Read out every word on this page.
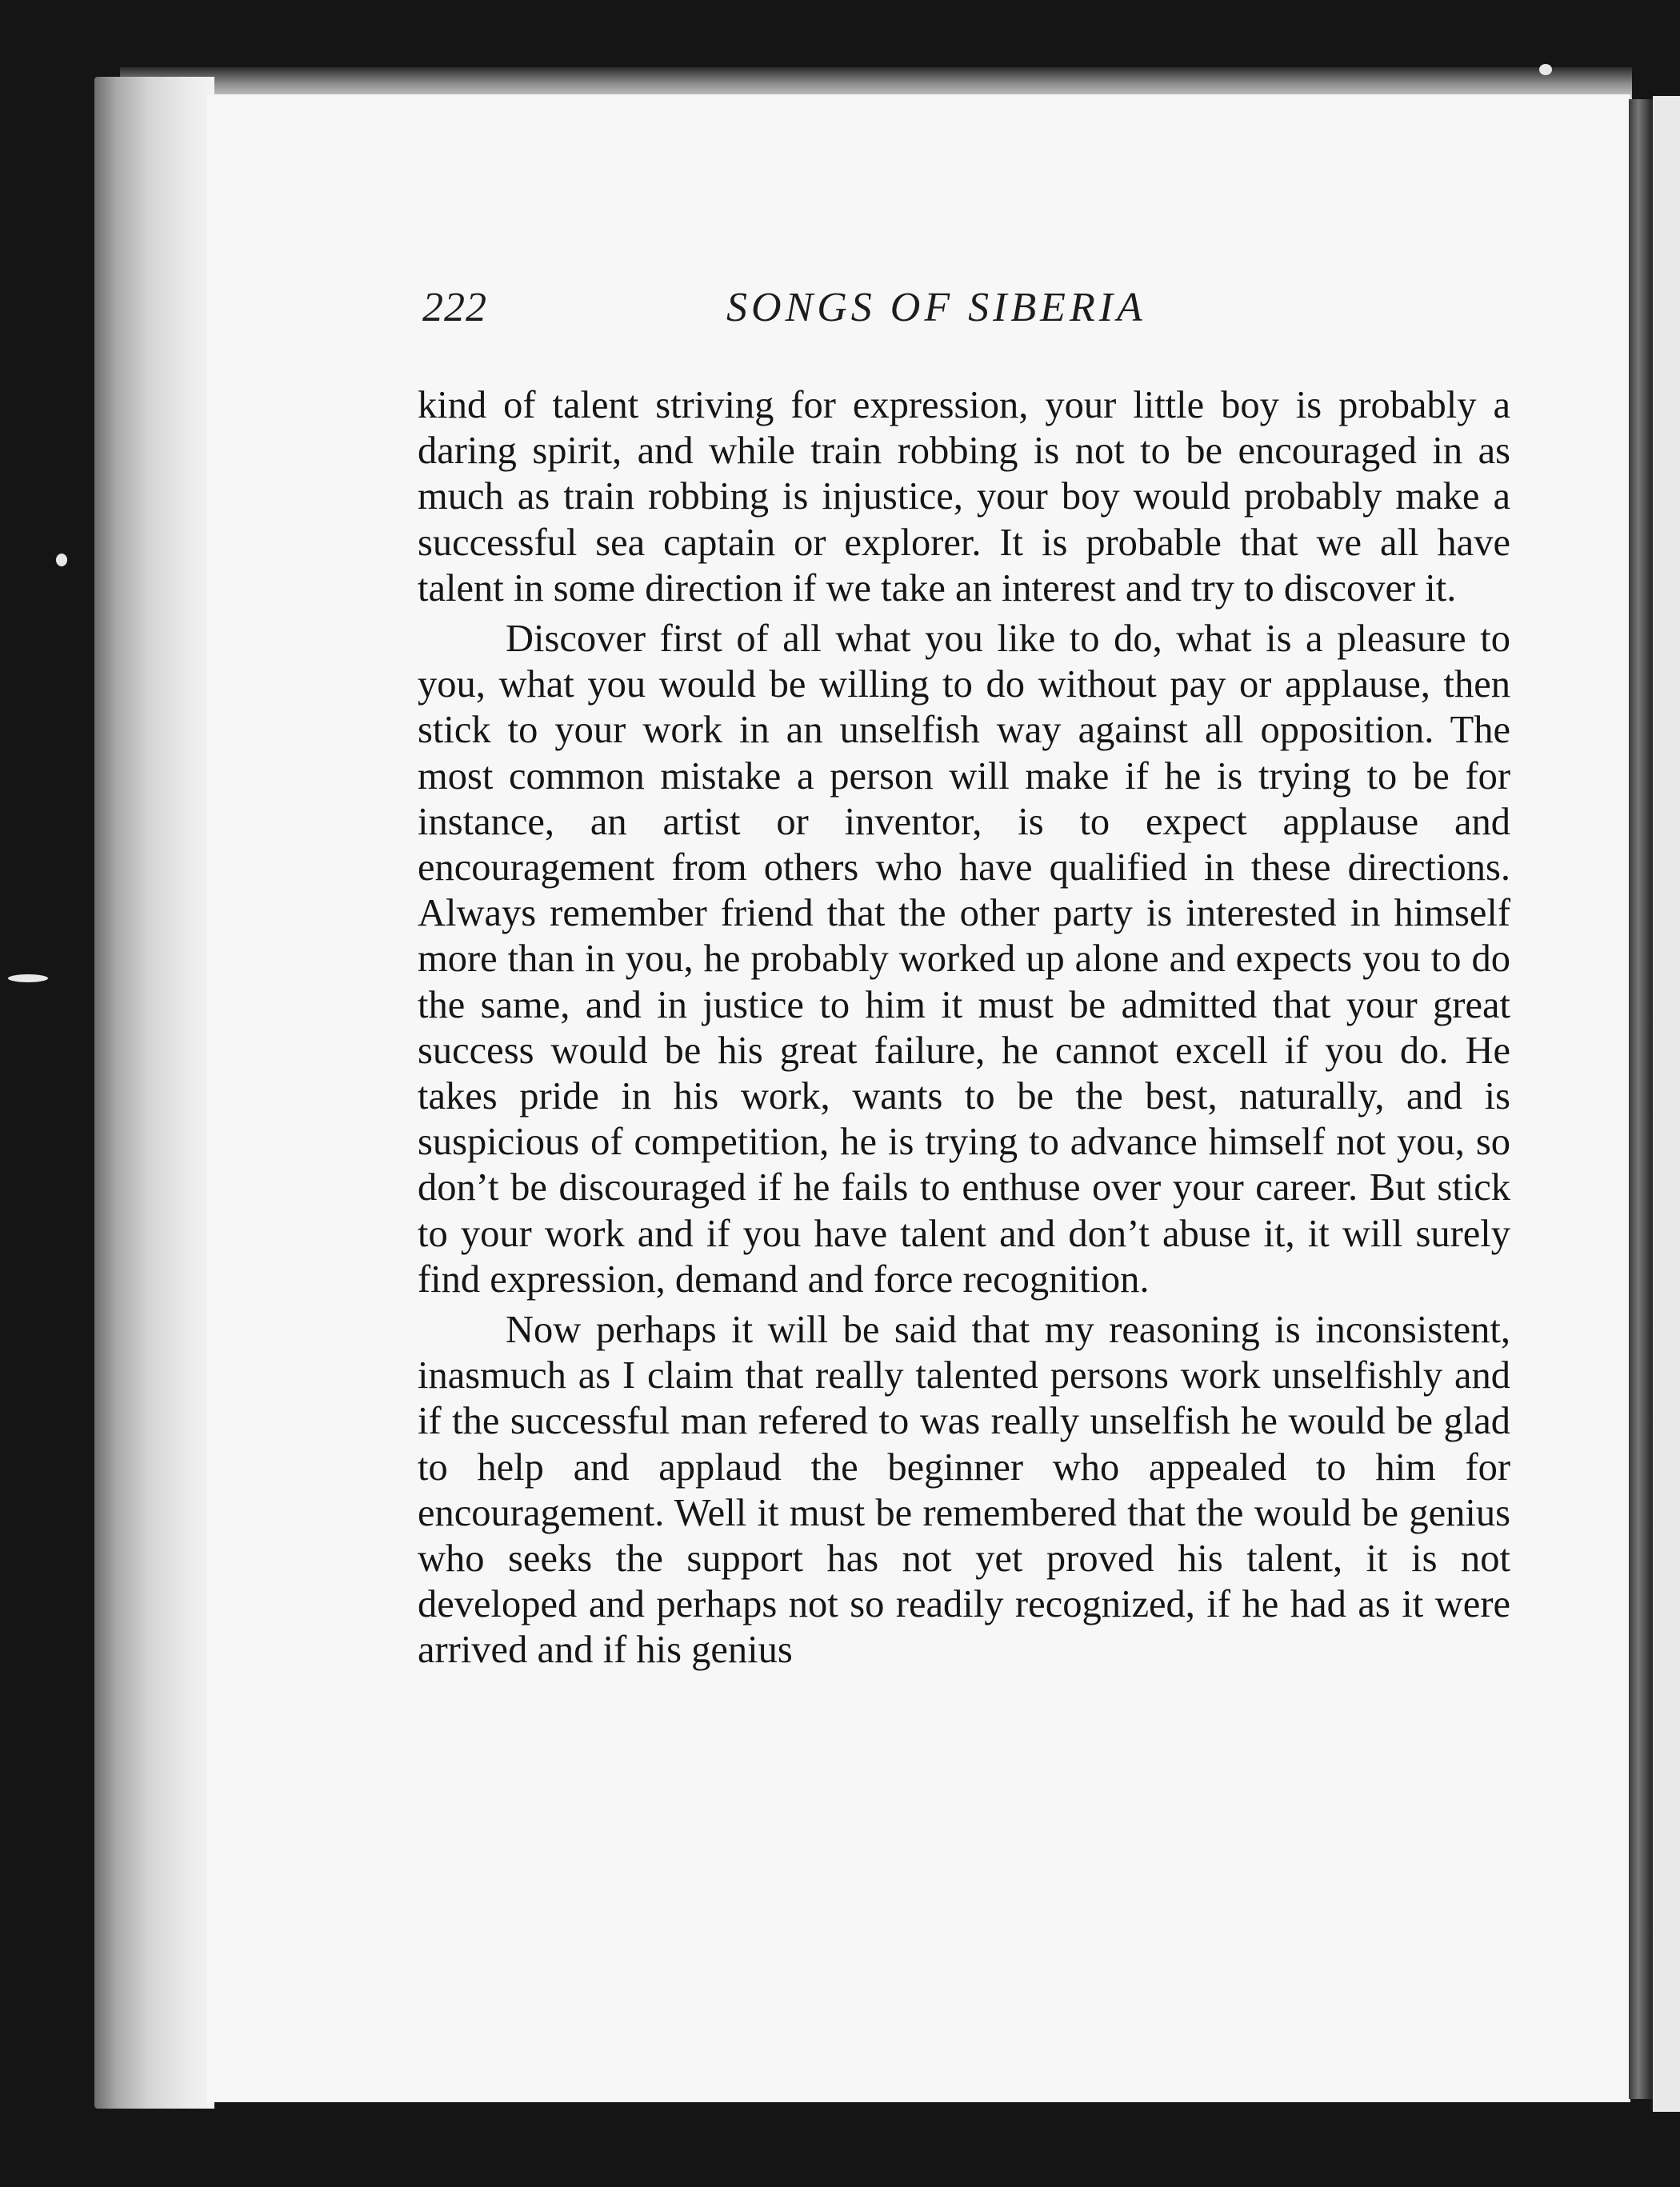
222	SONGS OF SIBERIA

kind of talent striving for expression, your little boy is probably a daring spirit, and while train robbing is not to be encouraged in as much as train robbing is injustice, your boy would probably make a successful sea captain or explorer. It is probable that we all have talent in some direction if we take an interest and try to discover it.

Discover first of all what you like to do, what is a pleasure to you, what you would be willing to do without pay or applause, then stick to your work in an unselfish way against all opposition. The most common mistake a person will make if he is trying to be for instance, an artist or inventor, is to expect applause and encouragement from others who have qualified in these directions. Always remember friend that the other party is interested in himself more than in you, he probably worked up alone and expects you to do the same, and in justice to him it must be admitted that your great success would be his great failure, he cannot excell if you do. He takes pride in his work, wants to be the best, naturally, and is suspicious of competition, he is trying to advance himself not you, so don’t be discouraged if he fails to enthuse over your career. But stick to your work and if you have talent and don’t abuse it, it will surely find expression, demand and force recognition.

Now perhaps it will be said that my reasoning is inconsistent, inasmuch as I claim that really talented persons work unselfishly and if the successful man refered to was really unselfish he would be glad to help and applaud the beginner who appealed to him for encouragement. Well it must be remembered that the would be genius who seeks the support has not yet proved his talent, it is not developed and perhaps not so readily recognized, if he had as it were arrived and if his genius
